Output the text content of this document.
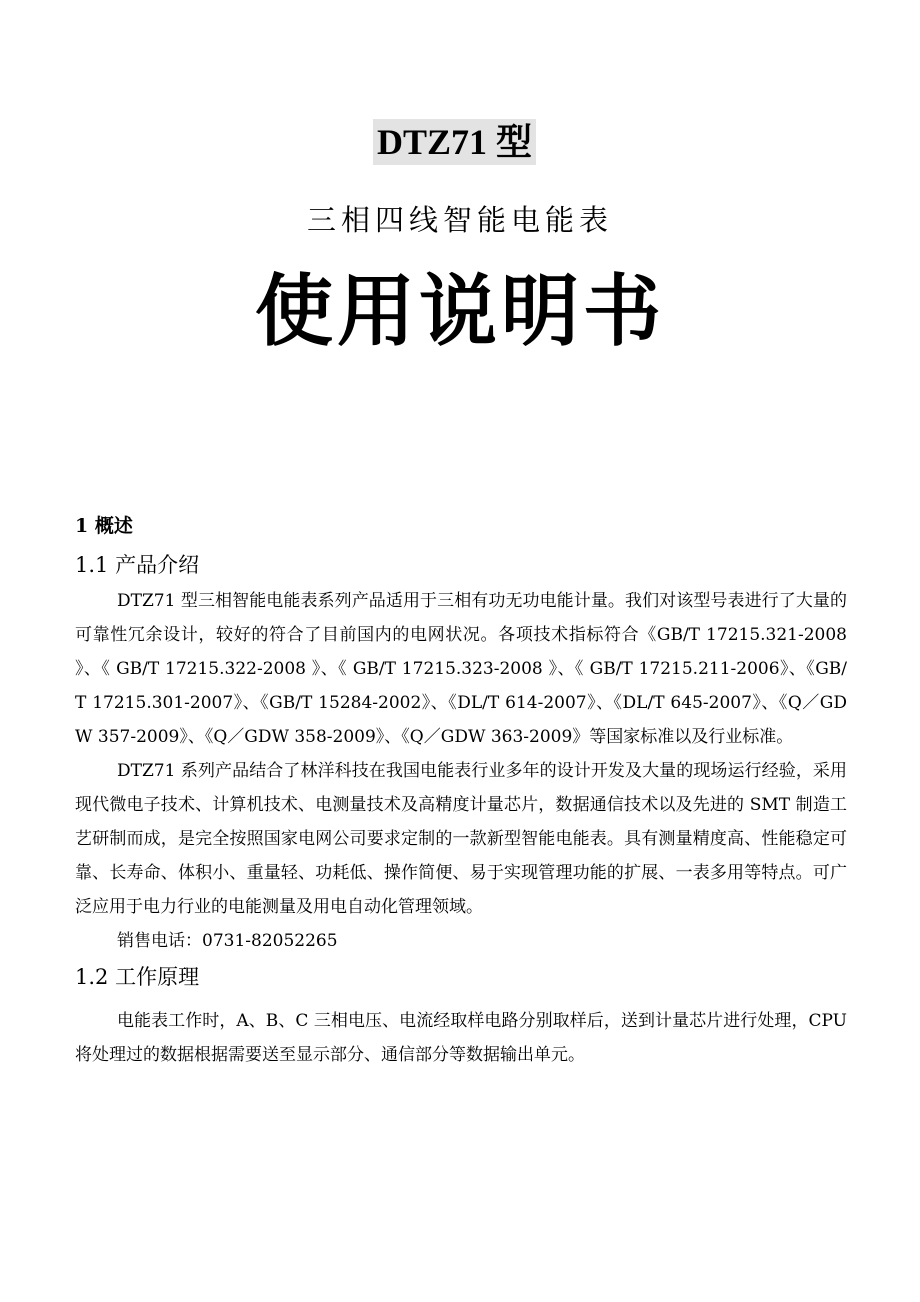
DTZ71 型
三相四线智能电能表
使用说明书
1 概述
1.1 产品介绍

DTZ71 型三相智能电能表系列产品适用于三相有功无功电能计量。我们对该型号表进行了大量的可靠性冗余设计，较好的符合了目前国内的电网状况。各项技术指标符合《GB/T 17215.321-2008 》、《 GB/T 17215.322-2008 》、《 GB/T 17215.323-2008 》、《 GB/T 17215.211-2006》、《GB/T 17215.301-2007》、《GB/T 15284-2002》、《DL/T 614-2007》、《DL/T 645-2007》、《Q／GDW 357-2009》、《Q／GDW 358-2009》、《Q／GDW 363-2009》等国家标准以及行业标准。

DTZ71 系列产品结合了林洋科技在我国电能表行业多年的设计开发及大量的现场运行经验，采用现代微电子技术、计算机技术、电测量技术及高精度计量芯片，数据通信技术以及先进的 SMT 制造工艺研制而成，是完全按照国家电网公司要求定制的一款新型智能电能表。具有测量精度高、性能稳定可靠、长寿命、体积小、重量轻、功耗低、操作简便、易于实现管理功能的扩展、一表多用等特点。可广泛应用于电力行业的电能测量及用电自动化管理领域。

销售电话：0731-82052265

1.2 工作原理

电能表工作时，A、B、C 三相电压、电流经取样电路分别取样后，送到计量芯片进行处理，CPU 将处理过的数据根据需要送至显示部分、通信部分等数据输出单元。
